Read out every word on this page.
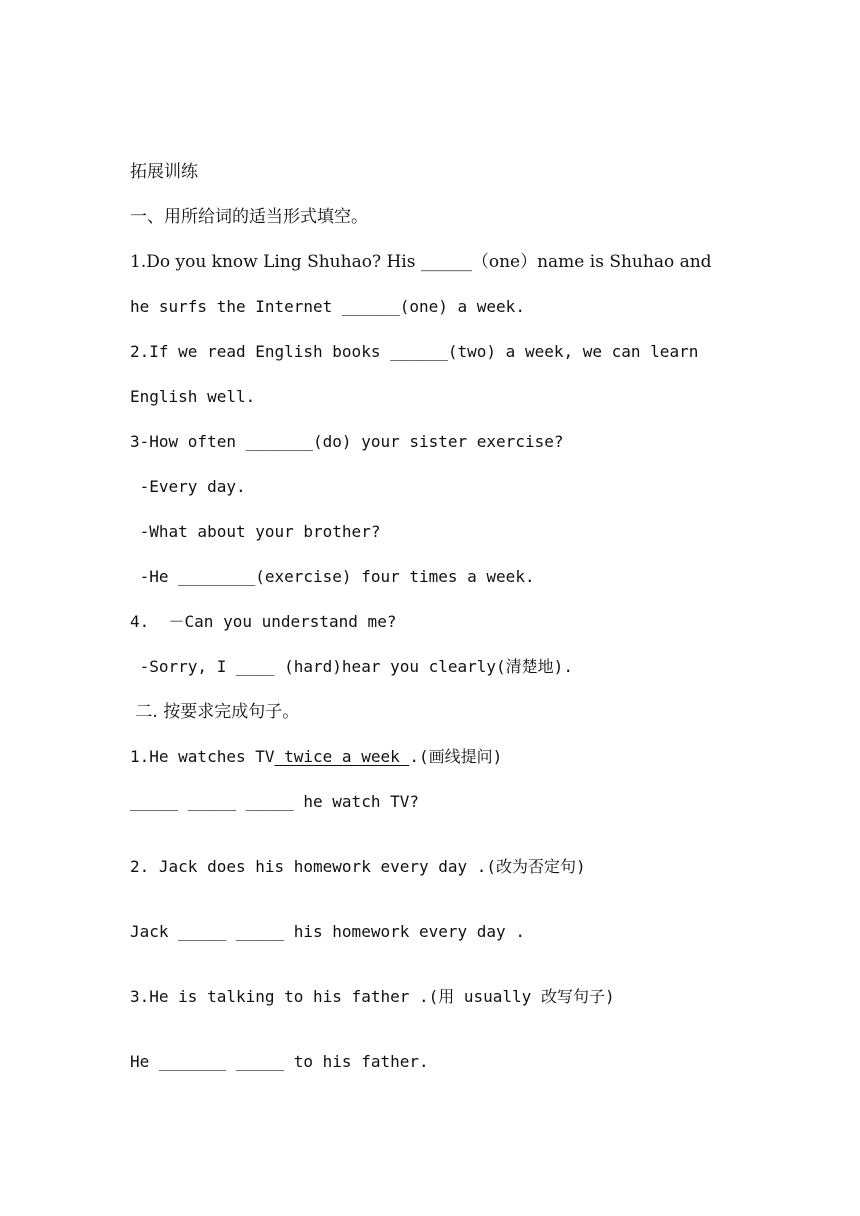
拓展训练
一、用所给词的适当形式填空。
1.Do you know Ling Shuhao? His ______（one）name is Shuhao and
he surfs the Internet ______(one) a week.
2.If we read English books ______(two) a week, we can learn
English well.
3-How often _______(do) your sister exercise?
-Every day.
-What about your brother?
-He ________(exercise) four times a week.
4.  －Can you understand me?
-Sorry, I ____ (hard)hear you clearly(清楚地).
二. 按要求完成句子。
1.He watches TV twice a week .(画线提问)
_____ _____ _____ he watch TV?
2. Jack does his homework every day .(改为否定句)
Jack _____ _____ his homework every day .
3.He is talking to his father .(用 usually 改写句子)
He _______ _____ to his father.
